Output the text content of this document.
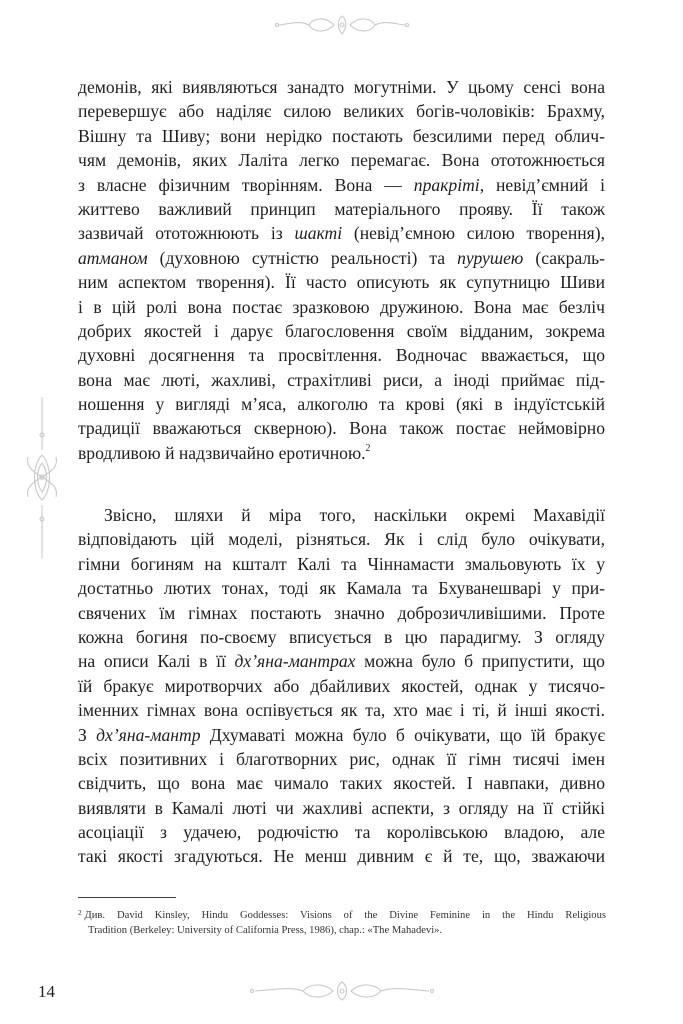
демонів, які виявляються занадто могутніми. У цьому сенсі вона
перевершує або наділяє силою великих богів-чоловіків: Брахму,
Вішну та Шиву; вони нерідко постають безсилими перед облич-
чям демонів, яких Лаліта легко перемагає. Вона ототожнюється
з власне фізичним творінням. Вона — пракріті, невід’ємний і
життево важливий принцип матеріального прояву. Її також
зазвичай ототожнюють із шакті (невід’ємною силою творення),
атманом (духовною сутністю реальності) та пурушею (сакраль-
ним аспектом творення). Її часто описують як супутницю Шиви
і в цій ролі вона постає зразковою дружиною. Вона має безліч
добрих якостей і дарує благословення своїм відданим, зокрема
духовні досягнення та просвітлення. Водночас вважається, що
вона має люті, жахливі, страхітливі риси, а іноді приймає під-
ношення у вигляді м’яса, алкоголю та крові (які в індуїстській
традиції вважаються скверною). Вона також постає неймовірно
вродливою й надзвичайно еротичною.$^2$
Звісно, шляхи й міра того, наскільки окремі Махавідії
відповідають цій моделі, різняться. Як і слід було очікувати,
гімни богиням на кшталт Калі та Чіннамасти змальовують їх у
достатньо лютих тонах, тоді як Камала та Бхуванешварі у при-
свячених їм гімнах постають значно доброзичливішими. Проте
кожна богиня по-своєму вписується в цю парадигму. З огляду
на описи Калі в її дх’яна-мантрах можна було б припустити, що
їй бракує миротворчих або дбайливих якостей, однак у тисячо-
іменних гімнах вона оспівується як та, хто має і ті, й інші якості.
З дх’яна-мантр Дхумаваті можна було б очікувати, що їй бракує
всіх позитивних і благотворних рис, однак її гімн тисячі імен
свідчить, що вона має чимало таких якостей. І навпаки, дивно
виявляти в Камалі люті чи жахливі аспекти, з огляду на її стійкі
асоціації з удачею, родючістю та королівською владою, але
такі якості згадуються. Не менш дивним є й те, що, зважаючи
$^2$ Див. David Kinsley, Hindu Goddesses: Visions of the Divine Feminine in the Hindu Religious
Tradition (Berkeley: University of California Press, 1986), chap.: «The Mahadevi».
14
